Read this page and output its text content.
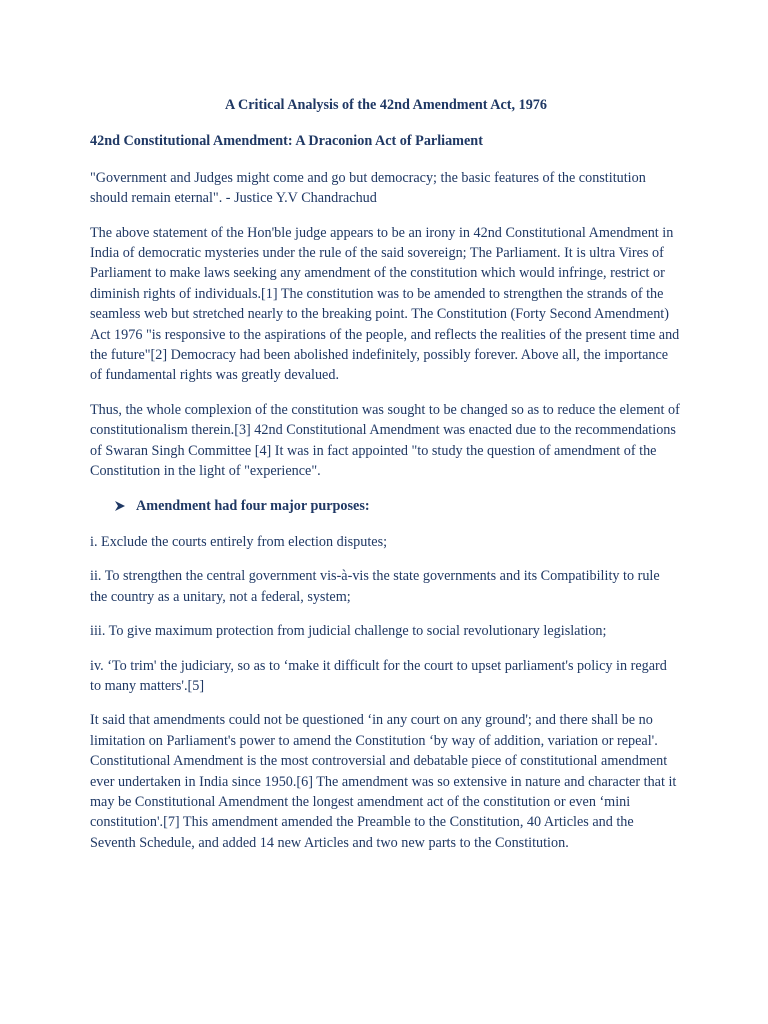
A Critical Analysis of the 42nd Amendment Act, 1976
42nd Constitutional Amendment: A Draconion Act of Parliament

"Government and Judges might come and go but democracy; the basic features of the constitution should remain eternal". - Justice Y.V Chandrachud

The above statement of the Hon'ble judge appears to be an irony in 42nd Constitutional Amendment in India of democratic mysteries under the rule of the said sovereign; The Parliament. It is ultra Vires of Parliament to make laws seeking any amendment of the constitution which would infringe, restrict or diminish rights of individuals.[1] The constitution was to be amended to strengthen the strands of the seamless web but stretched nearly to the breaking point. The Constitution (Forty Second Amendment) Act 1976 "is responsive to the aspirations of the people, and reflects the realities of the present time and the future"[2] Democracy had been abolished indefinitely, possibly forever. Above all, the importance of fundamental rights was greatly devalued.

Thus, the whole complexion of the constitution was sought to be changed so as to reduce the element of constitutionalism therein.[3] 42nd Constitutional Amendment was enacted due to the recommendations of Swaran Singh Committee [4] It was in fact appointed "to study the question of amendment of the Constitution in the light of "experience".

Amendment had four major purposes:

i. Exclude the courts entirely from election disputes;

ii. To strengthen the central government vis-à-vis the state governments and its Compatibility to rule the country as a unitary, not a federal, system;

iii. To give maximum protection from judicial challenge to social revolutionary legislation;

iv. ‘To trim' the judiciary, so as to ‘make it difficult for the court to upset parliament's policy in regard to many matters'.[5]

It said that amendments could not be questioned ‘in any court on any ground'; and there shall be no limitation on Parliament's power to amend the Constitution ‘by way of addition, variation or repeal'. Constitutional Amendment is the most controversial and debatable piece of constitutional amendment ever undertaken in India since 1950.[6] The amendment was so extensive in nature and character that it may be Constitutional Amendment the longest amendment act of the constitution or even ‘mini constitution'.[7] This amendment amended the Preamble to the Constitution, 40 Articles and the Seventh Schedule, and added 14 new Articles and two new parts to the Constitution.
